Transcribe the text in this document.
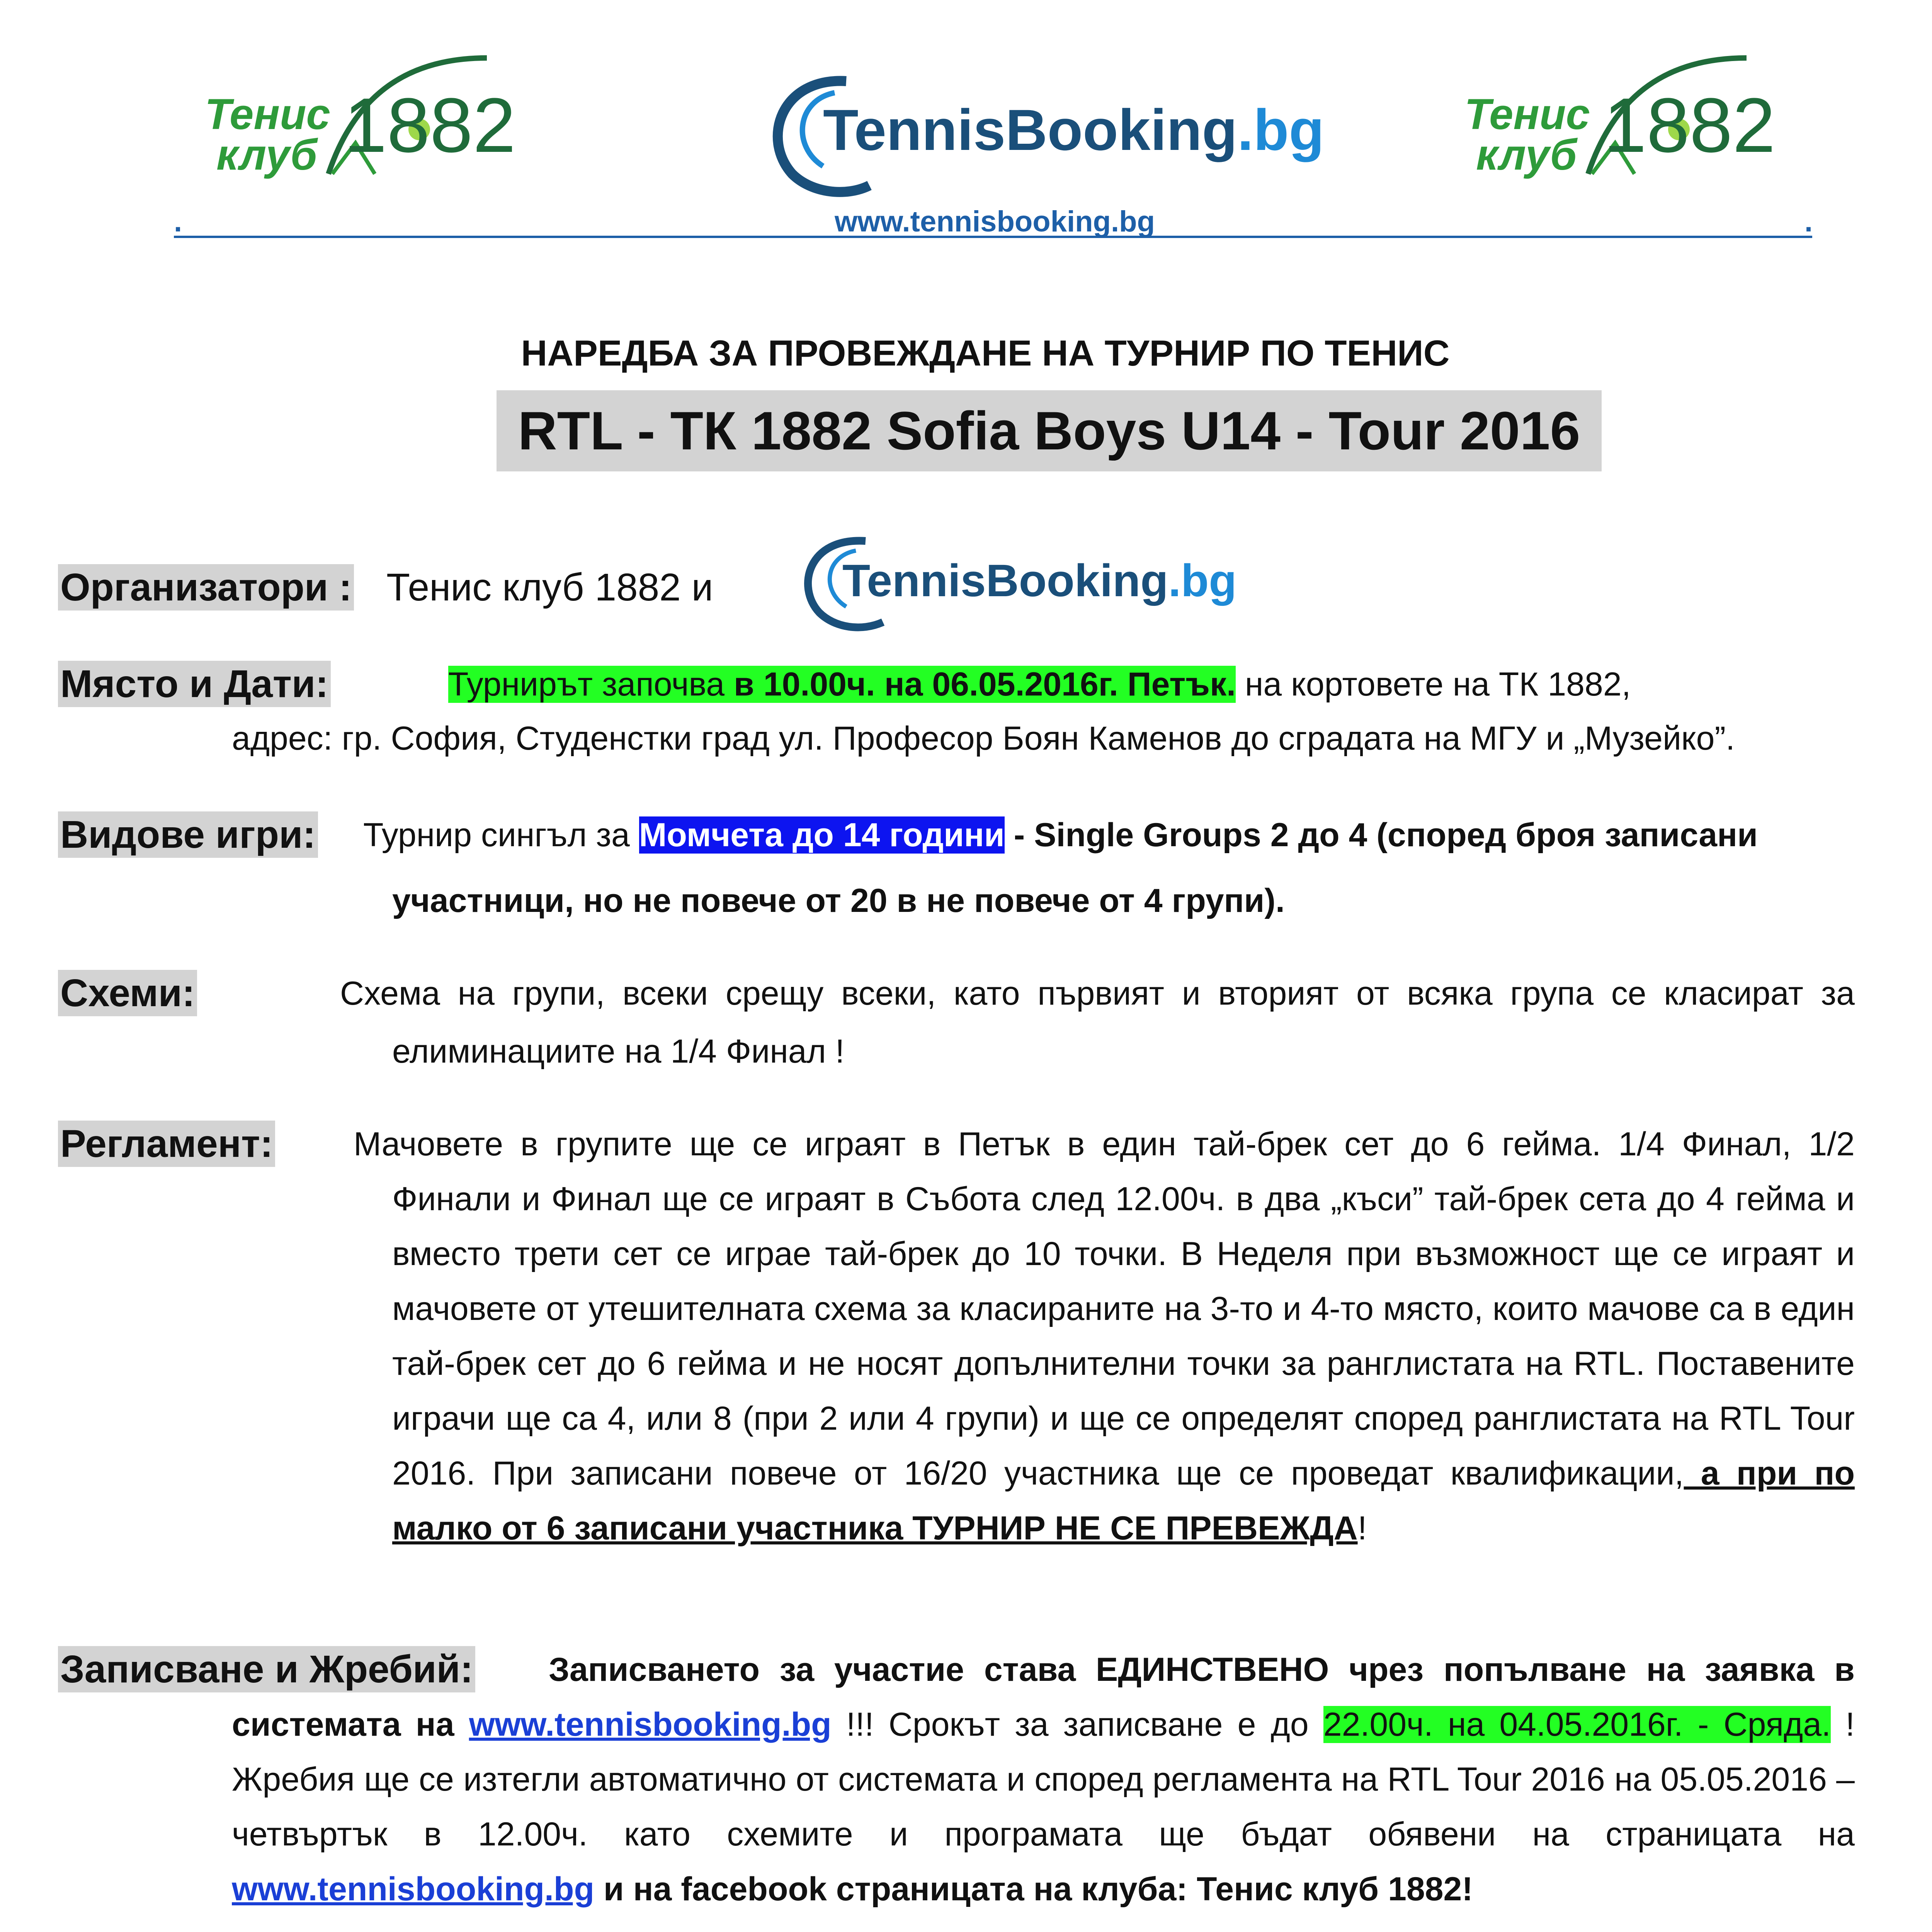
Тенис
клуб 1882	TennisBooking.bg	Тенис
клуб 1882
.	www.tennisbooking.bg	.
НАРЕДБА ЗА ПРОВЕЖДАНЕ НА ТУРНИР ПО ТЕНИС
RTL - ТК 1882 Sofia Boys U14 - Tour 2016
Организатори : Тенис клуб 1882 и	TennisBooking.bg
Място и Дати:	Турнирът започва в 10.00ч. на 06.05.2016г. Петък. на кортовете на ТК 1882,
адрес: гр. София, Студенстки град ул. Професор Боян Каменов до сградата на МГУ и „Музейко”.
Видове игри: Турнир сингъл за Момчета до 14 години - Single Groups 2 до 4 (според броя записани
участници, но не повече от 20 в не повече от 4 групи).
Схеми:	Схема на групи, всеки срещу всеки, като първият и вторият от всяка група се класират за
елиминациите на 1/4 Финал !
Регламент: Мачовете в групите ще се играят в Петък в един тай-брек сет до 6 гейма. 1/4 Финал, 1/2
Финали и Финал ще се играят в Събота след 12.00ч. в два „къси” тай-брек сета до 4 гейма и вместо трети сет се играе тай-брек до 10 точки. В Неделя при възможност ще се играят и мачовете от утешителната схема за класираните на 3-то и 4-то място, които мачове са в един тай-брек сет до 6 гейма и не носят допълнителни точки за ранглистата на RTL. Поставените играчи ще са 4, или 8 (при 2 или 4 групи) и ще се определят според ранглистата на RTL Tour 2016. При записани повече от 16/20 участника ще се проведат квалификации, а при по малко от 6 записани участника ТУРНИР НЕ СЕ ПРЕВЕЖДА!
Записване и Жребий:	Записването за участие става ЕДИНСТВЕНО чрез попълване на заявка в системата на www.tennisbooking.bg !!! Срокът за записване е до 22.00ч. на 04.05.2016г. - Сряда. ! Жребия ще се изтегли автоматично от системата и според регламента на RTL Tour 2016 на 05.05.2016 – четвъртък в 12.00ч. като схемите и програмата ще бъдат обявени на страницата на www.tennisbooking.bg и на facebook страницата на клуба: Тенис клуб 1882!
